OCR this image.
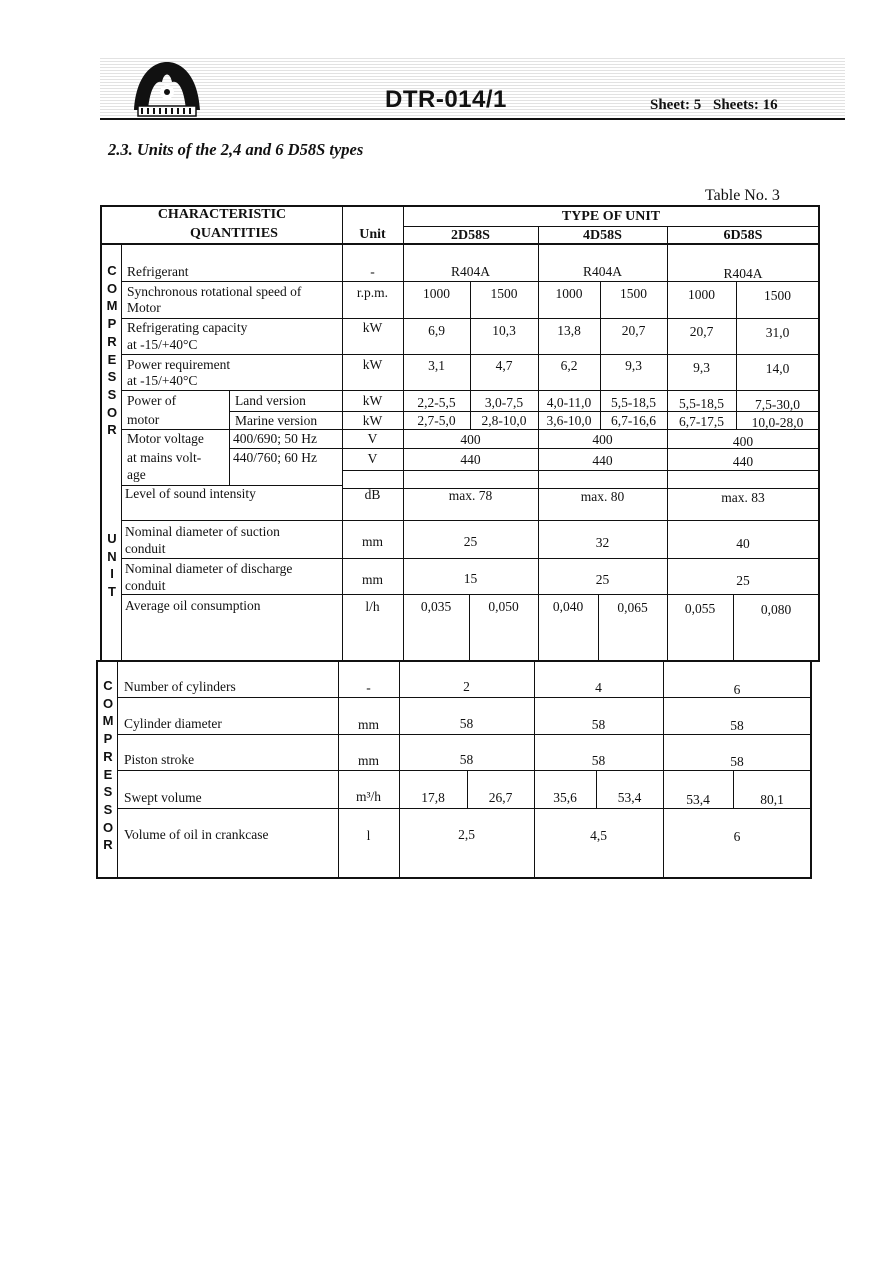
DTR-014/1	Sheet: 5 Sheets: 16
2.3. Units of the 2,4 and 6 D58S types
Table No. 3
CHARACTERISTIC
QUANTITIES	Unit
TYPE OF UNIT
2D58S	4D58S	6D58S
C
O
M
P
R
E
S
S
O
R
U
N
I
T
C
O
M
P
R
E
S
S
O
R
Refrigerant	-	R404A	R404A	R404A
Synchronous rotational speed of
Motor
r.p.m.	1000	1500	1000	1500	1000	1500
Refrigerating capacity
at -15/+40°C
kW	6,9	10,3	13,8	20,7	20,7	31,0
Power requirement
at -15/+40°C
kW	3,1	4,7	6,2	9,3	9,3	14,0
Power of
motor
Land version	kW	2,2-5,5	3,0-7,5	4,0-11,0	5,5-18,5	5,5-18,5	7,5-30,0
Marine version	kW	2,7-5,0	2,8-10,0	3,6-10,0	6,7-16,6	6,7-17,5	10,0-28,0
Motor voltage
at mains volt-
age
400/690; 50 Hz	V	400	400	400
440/760; 60 Hz	V	440	440	440
Level of sound intensity	dB	max. 78	max. 80	max. 83
Nominal diameter of suction
conduit	mm	25	32	40
Nominal diameter of discharge
conduit	mm	15	25	25
Average oil consumption	l/h	0,035	0,050	0,040	0,065	0,055	0,080
Number of cylinders	-	2	4	6
Cylinder diameter	mm	58	58	58
Piston stroke	mm	58	58	58
Swept volume	m³/h	17,8	26,7	35,6	53,4	53,4	80,1
Volume of oil in crankcase	l	2,5	4,5	6
